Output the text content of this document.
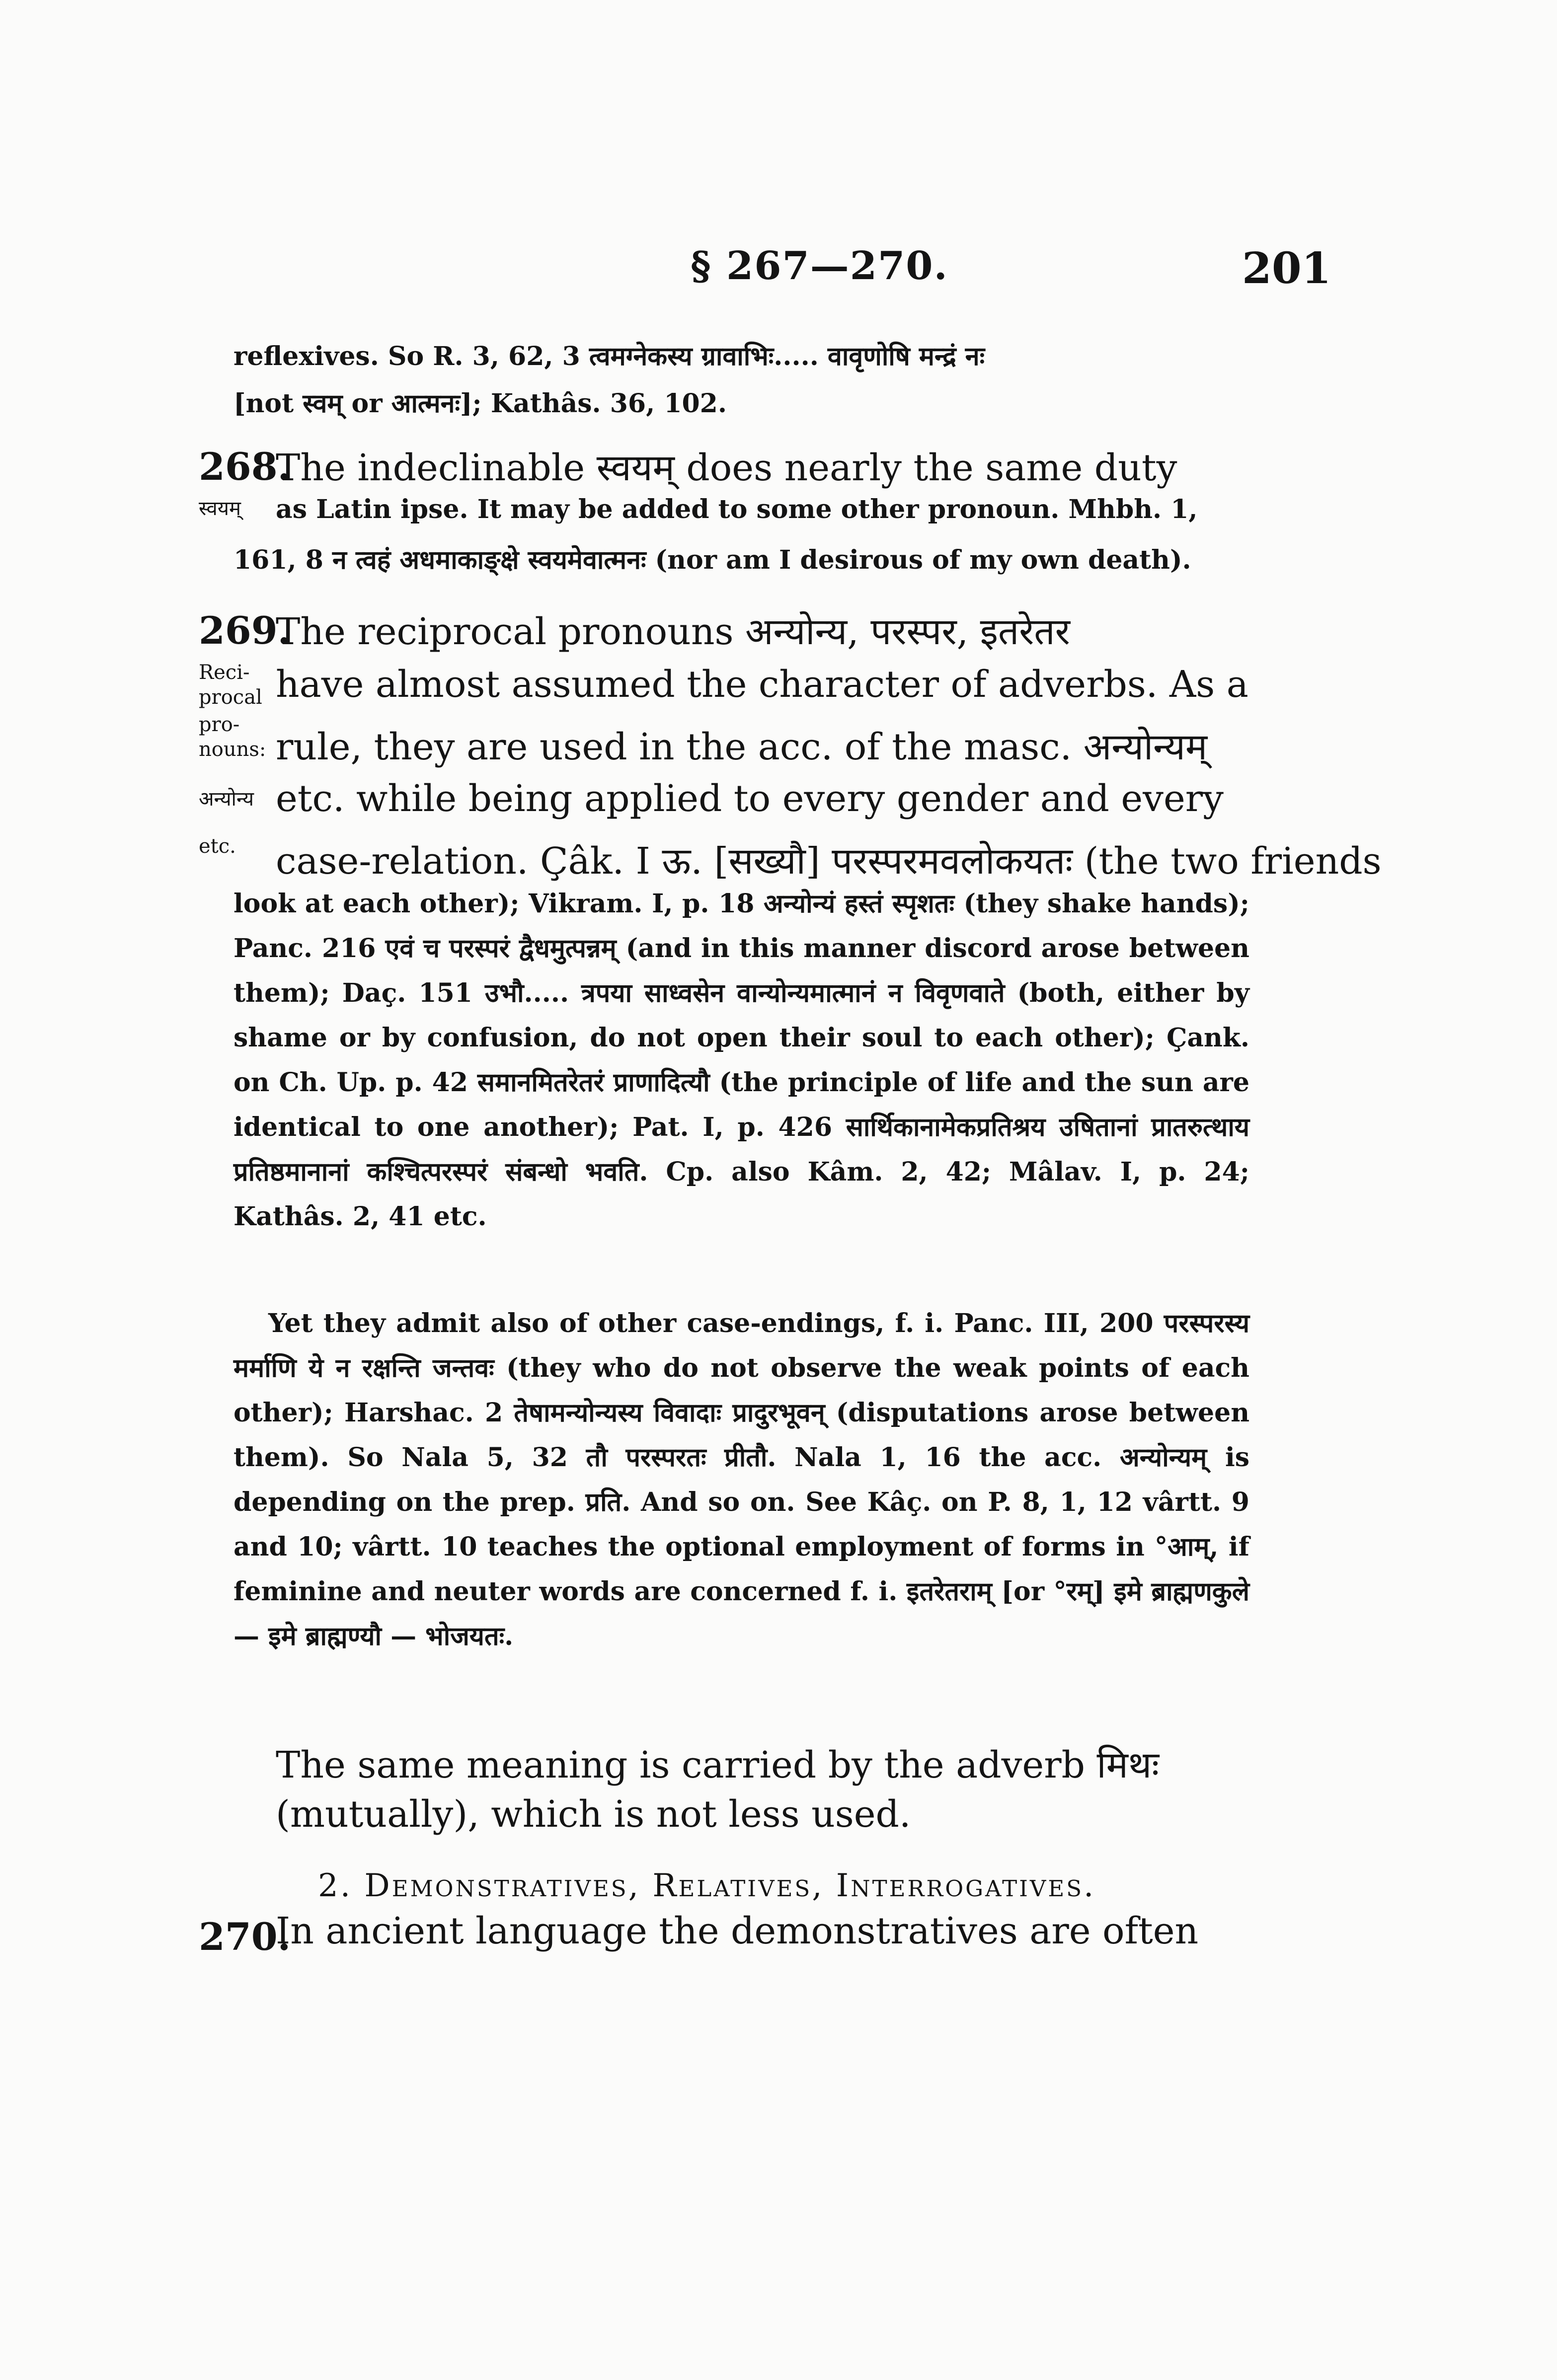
§ 267—270.	201
reflexives. So R. 3, 62, 3 त्वमग्नेकस्य ग्रावाभिः..... वावृणोषि मन्द्रं नः
[not स्वम् or आत्मनः]; Kathâs. 36, 102.
268.
स्वयम्
The indeclinable स्वयम् does nearly the same duty
as Latin ipse. It may be added to some other pronoun. Mhbh. 1,
161, 8 न त्वहं अधमाकाङ्क्षे स्वयमेवात्मनः (nor am I desirous of my own death).
269.
Reci-
procal
pro-
nouns:
अन्योन्य
etc.
The reciprocal pronouns अन्योन्य, परस्पर, इतरेतर
have almost assumed the character of adverbs. As a
rule, they are used in the acc. of the masc. अन्योन्यम्
etc. while being applied to every gender and every
case-relation. Çâk. I ऊ. [सख्यौ] परस्परमवलोकयतः (the two friends
look at each other); Vikram. I, p. 18 अन्योन्यं हस्तं स्पृशतः (they shake hands); Panc. 216 एवं च परस्परं द्वैधमुत्पन्नम् (and in this manner discord arose between them); Daç. 151 उभौ..... त्रपया साध्वसेन वान्योन्यमात्मानं न विवृणवाते (both, either by shame or by confusion, do not open their soul to each other); Çank. on Ch. Up. p. 42 समानमितरेतरं प्राणादित्यौ (the principle of life and the sun are identical to one another); Pat. I, p. 426 सार्थिकानामेकप्रतिश्रय उषितानां प्रातरुत्थाय प्रतिष्ठमानानां कश्चित्परस्परं संबन्धो भवति. Cp. also Kâm. 2, 42; Mâlav. I, p. 24; Kathâs. 2, 41 etc.
Yet they admit also of other case-endings, f. i. Panc. III, 200 परस्परस्य मर्माणि ये न रक्षन्ति जन्तवः (they who do not observe the weak points of each other); Harshac. 2 तेषामन्योन्यस्य विवादाः प्रादुरभूवन् (disputations arose between them). So Nala 5, 32 तौ परस्परतः प्रीतौ. Nala 1, 16 the acc. अन्योन्यम् is depending on the prep. प्रति. And so on. See Kâç. on P. 8, 1, 12 vârtt. 9 and 10; vârtt. 10 teaches the optional employment of forms in °आम्, if feminine and neuter words are concerned f. i. इतरेतराम् [or °रम्] इमे ब्राह्मणकुले — इमे ब्राह्मण्यौ — भोजयतः.
The same meaning is carried by the adverb मिथः
(mutually), which is not less used.
2. Demonstratives, Relatives, Interrogatives.
270.
In ancient language the demonstratives are often
